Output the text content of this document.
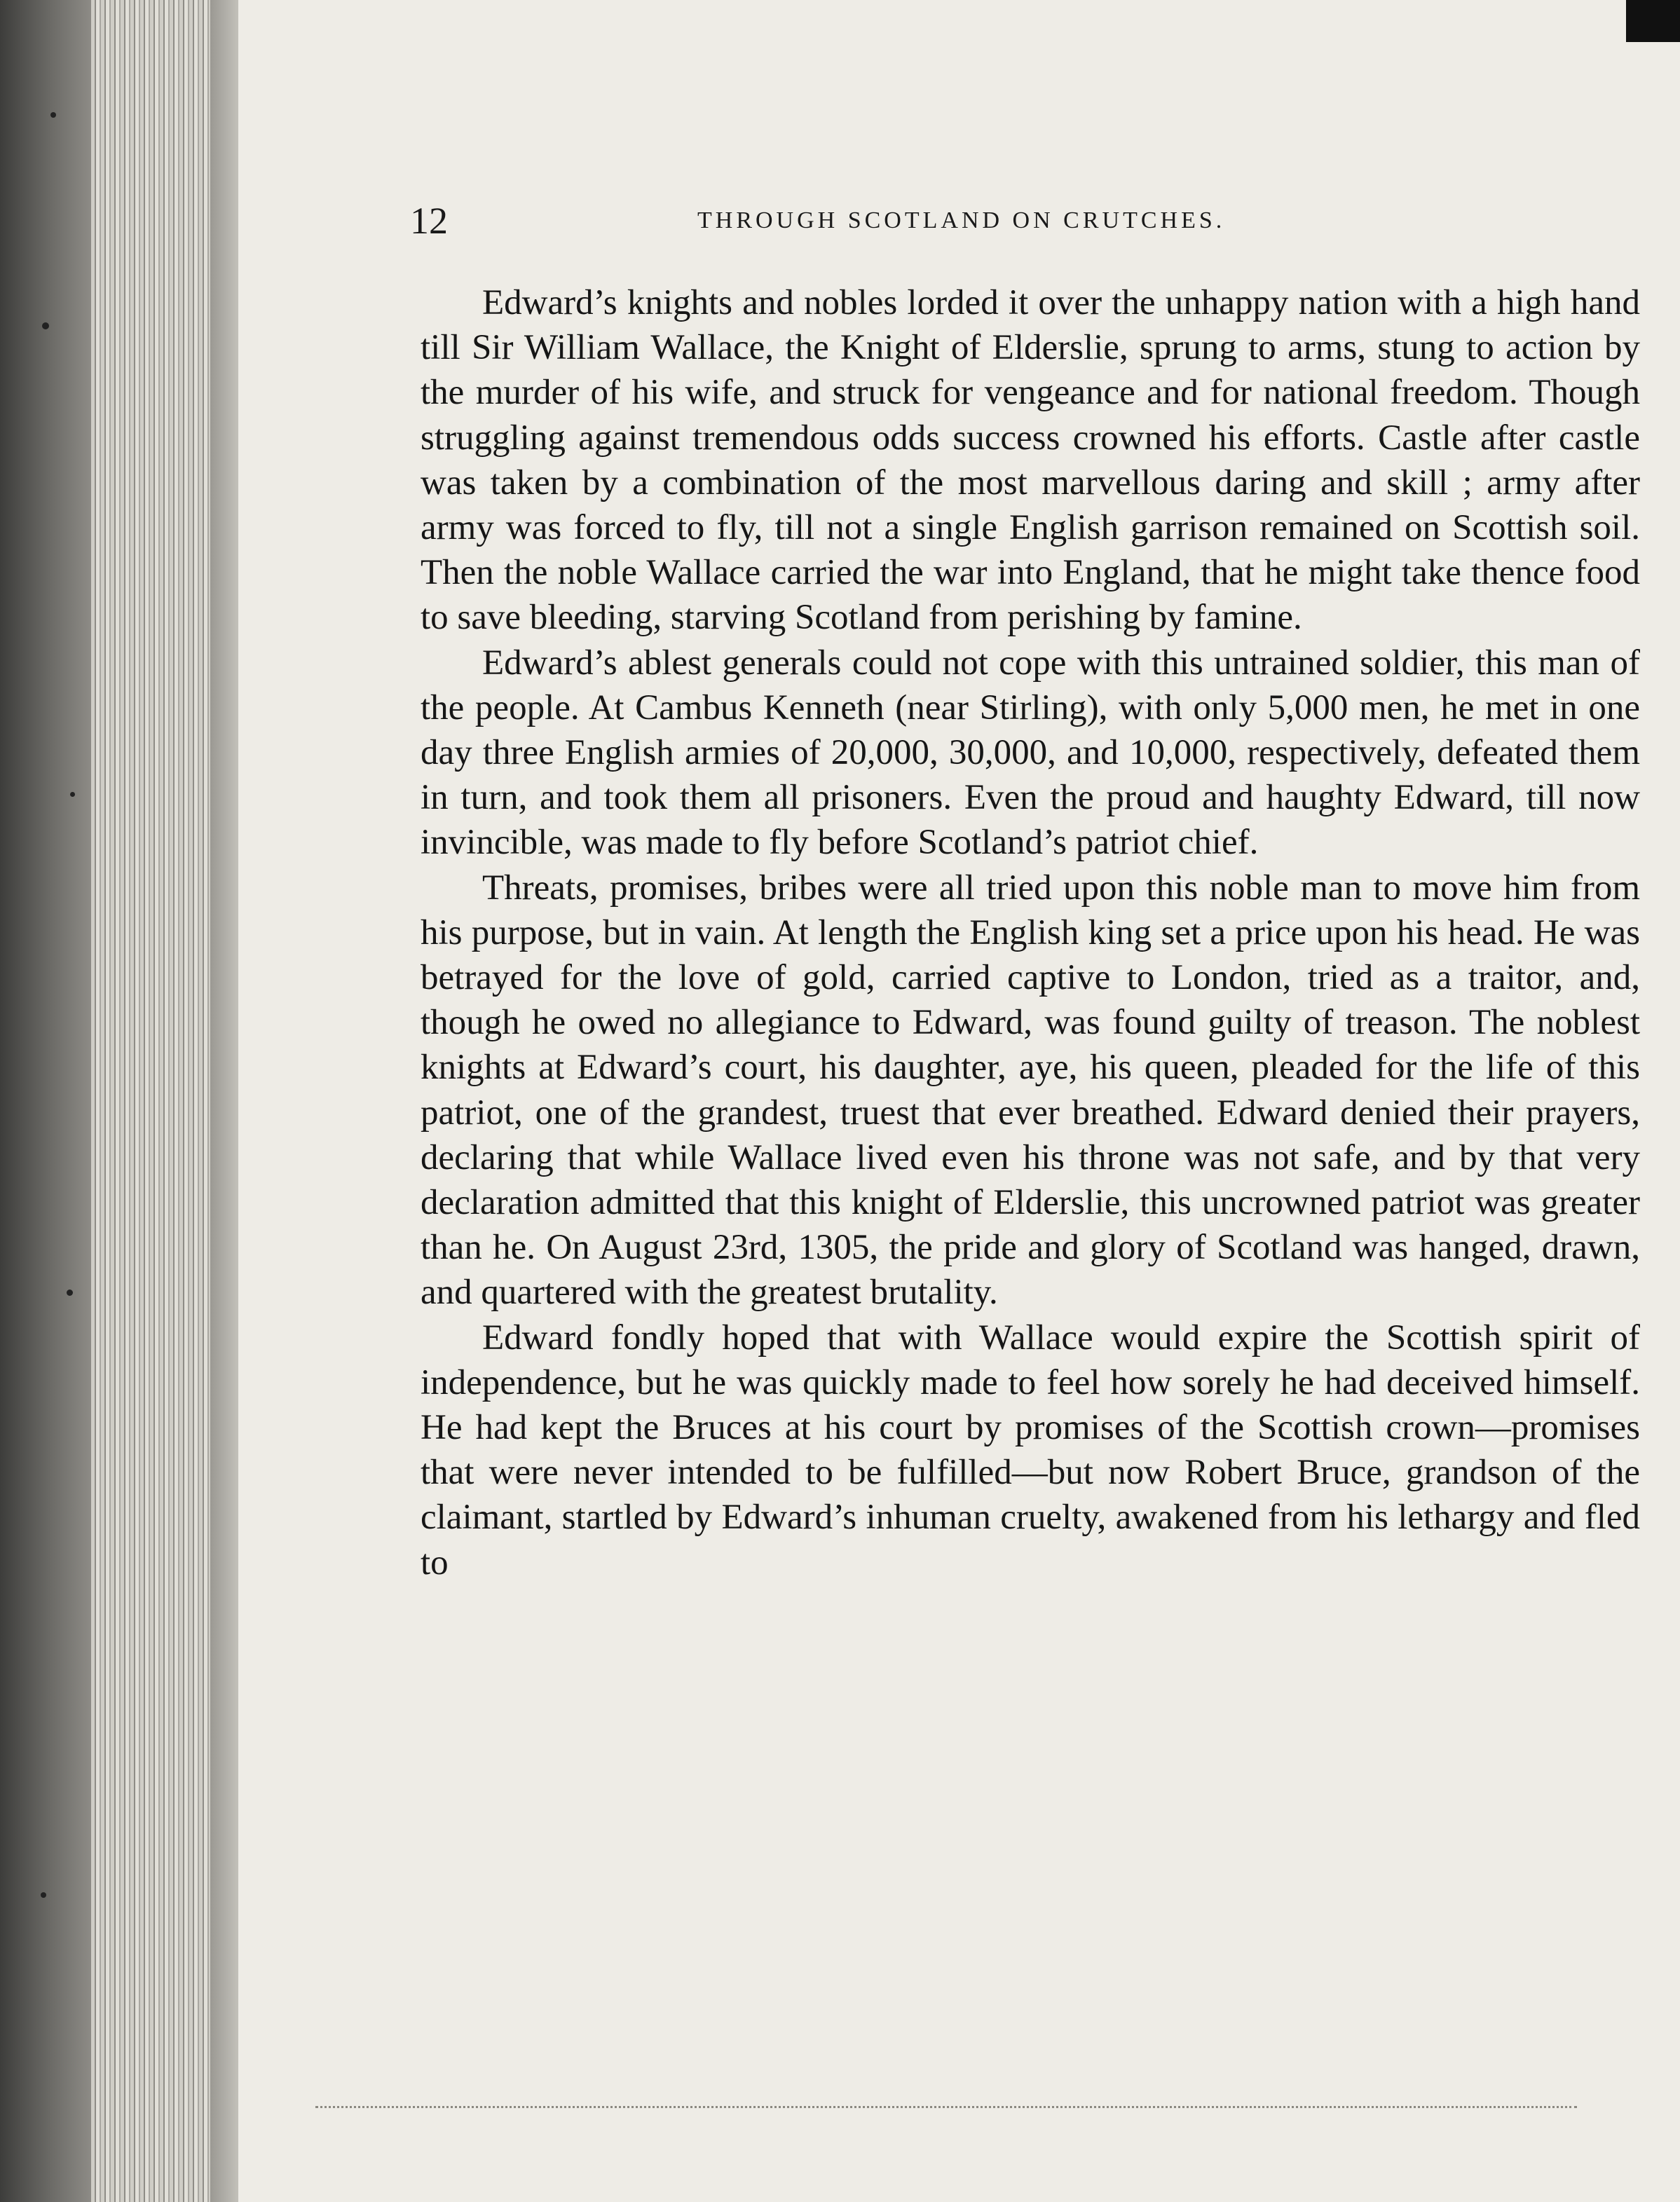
12	THROUGH SCOTLAND ON CRUTCHES.

Edward’s knights and nobles lorded it over the unhappy nation with a high hand till Sir William Wallace, the Knight of Elderslie, sprung to arms, stung to action by the murder of his wife, and struck for vengeance and for national freedom. Though struggling against tremendous odds success crowned his efforts. Castle after castle was taken by a combination of the most marvellous daring and skill ; army after army was forced to fly, till not a single English garrison remained on Scottish soil. Then the noble Wallace carried the war into England, that he might take thence food to save bleeding, starving Scotland from perishing by famine.

Edward’s ablest generals could not cope with this untrained soldier, this man of the people. At Cambus Kenneth (near Stirling), with only 5,000 men, he met in one day three English armies of 20,000, 30,000, and 10,000, respectively, defeated them in turn, and took them all prisoners. Even the proud and haughty Edward, till now invincible, was made to fly before Scotland’s patriot chief.

Threats, promises, bribes were all tried upon this noble man to move him from his purpose, but in vain. At length the English king set a price upon his head. He was betrayed for the love of gold, carried captive to London, tried as a traitor, and, though he owed no allegiance to Edward, was found guilty of treason. The noblest knights at Edward’s court, his daughter, aye, his queen, pleaded for the life of this patriot, one of the grandest, truest that ever breathed. Edward denied their prayers, declaring that while Wallace lived even his throne was not safe, and by that very declaration admitted that this knight of Elderslie, this uncrowned patriot was greater than he. On August 23rd, 1305, the pride and glory of Scotland was hanged, drawn, and quartered with the greatest brutality.

Edward fondly hoped that with Wallace would expire the Scottish spirit of independence, but he was quickly made to feel how sorely he had deceived himself. He had kept the Bruces at his court by promises of the Scottish crown—promises that were never intended to be fulfilled—but now Robert Bruce, grandson of the claimant, startled by Edward’s inhuman cruelty, awakened from his lethargy and fled to
